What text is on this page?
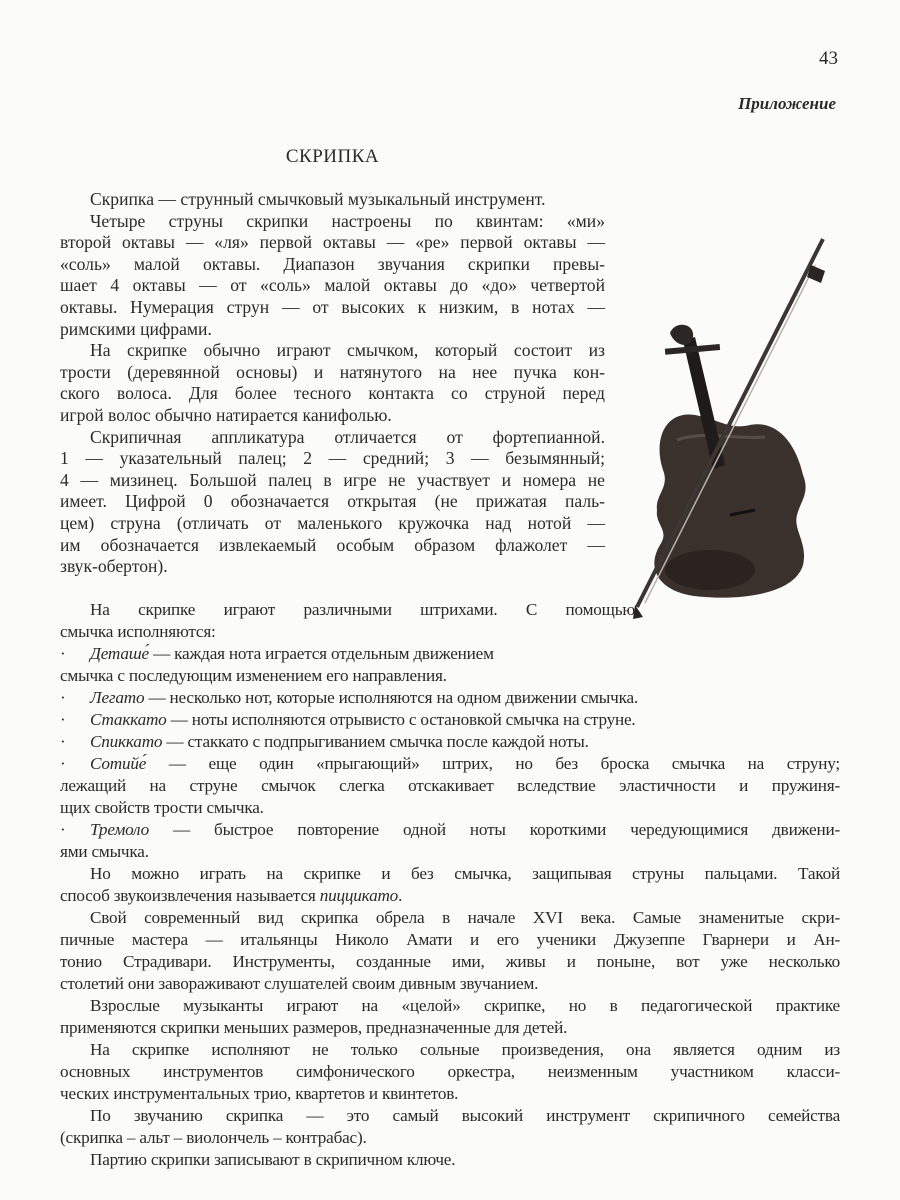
43
Приложение
СКРИПКА
Скрипка — струнный смычковый музыкальный инструмент.
Четыре струны скрипки настроены по квинтам: «ми»
второй октавы — «ля» первой октавы — «ре» первой октавы —
«соль» малой октавы. Диапазон звучания скрипки превы-
шает 4 октавы — от «соль» малой октавы до «до» четвертой
октавы. Нумерация струн — от высоких к низким, в нотах —
римскими цифрами.
На скрипке обычно играют смычком, который состоит из
трости (деревянной основы) и натянутого на нее пучка кон-
ского волоса. Для более тесного контакта со струной перед
игрой волос обычно натирается канифолью.
Скрипичная аппликатура отличается от фортепианной.
1 — указательный палец; 2 — средний; 3 — безымянный;
4 — мизинец. Большой палец в игре не участвует и номера не
имеет. Цифрой 0 обозначается открытая (не прижатая паль-
цем) струна (отличать от маленького кружочка над нотой —
им обозначается извлекаемый особым образом флажолет —
звук-обертон).
На скрипке играют различными штрихами. С помощью
смычка исполняются:
· Деташе́ — каждая нота играется отдельным движением
смычка с последующим изменением его направления.
· Легато — несколько нот, которые исполняются на одном движении смычка.
· Стаккато — ноты исполняются отрывисто с остановкой смычка на струне.
· Спиккато — стаккато с подпрыгиванием смычка после каждой ноты.
· Сотийе́ — еще один «прыгающий» штрих, но без броска смычка на струну;
лежащий на струне смычок слегка отскакивает вследствие эластичности и пружиня-
щих свойств трости смычка.
· Тремоло — быстрое повторение одной ноты короткими чередующимися движени-
ями смычка.
Но можно играть на скрипке и без смычка, защипывая струны пальцами. Такой
способ звукоизвлечения называется пиццикато.
Свой современный вид скрипка обрела в начале XVI века. Самые знаменитые скри-
пичные мастера — итальянцы Николо Амати и его ученики Джузеппе Гварнери и Ан-
тонио Страдивари. Инструменты, созданные ими, живы и поныне, вот уже несколько
столетий они завораживают слушателей своим дивным звучанием.
Взрослые музыканты играют на «целой» скрипке, но в педагогической практике
применяются скрипки меньших размеров, предназначенные для детей.
На скрипке исполняют не только сольные произведения, она является одним из
основных инструментов симфонического оркестра, неизменным участником класси-
ческих инструментальных трио, квартетов и квинтетов.
По звучанию скрипка — это самый высокий инструмент скрипичного семейства
(скрипка – альт – виолончель – контрабас).
Партию скрипки записывают в скрипичном ключе.
